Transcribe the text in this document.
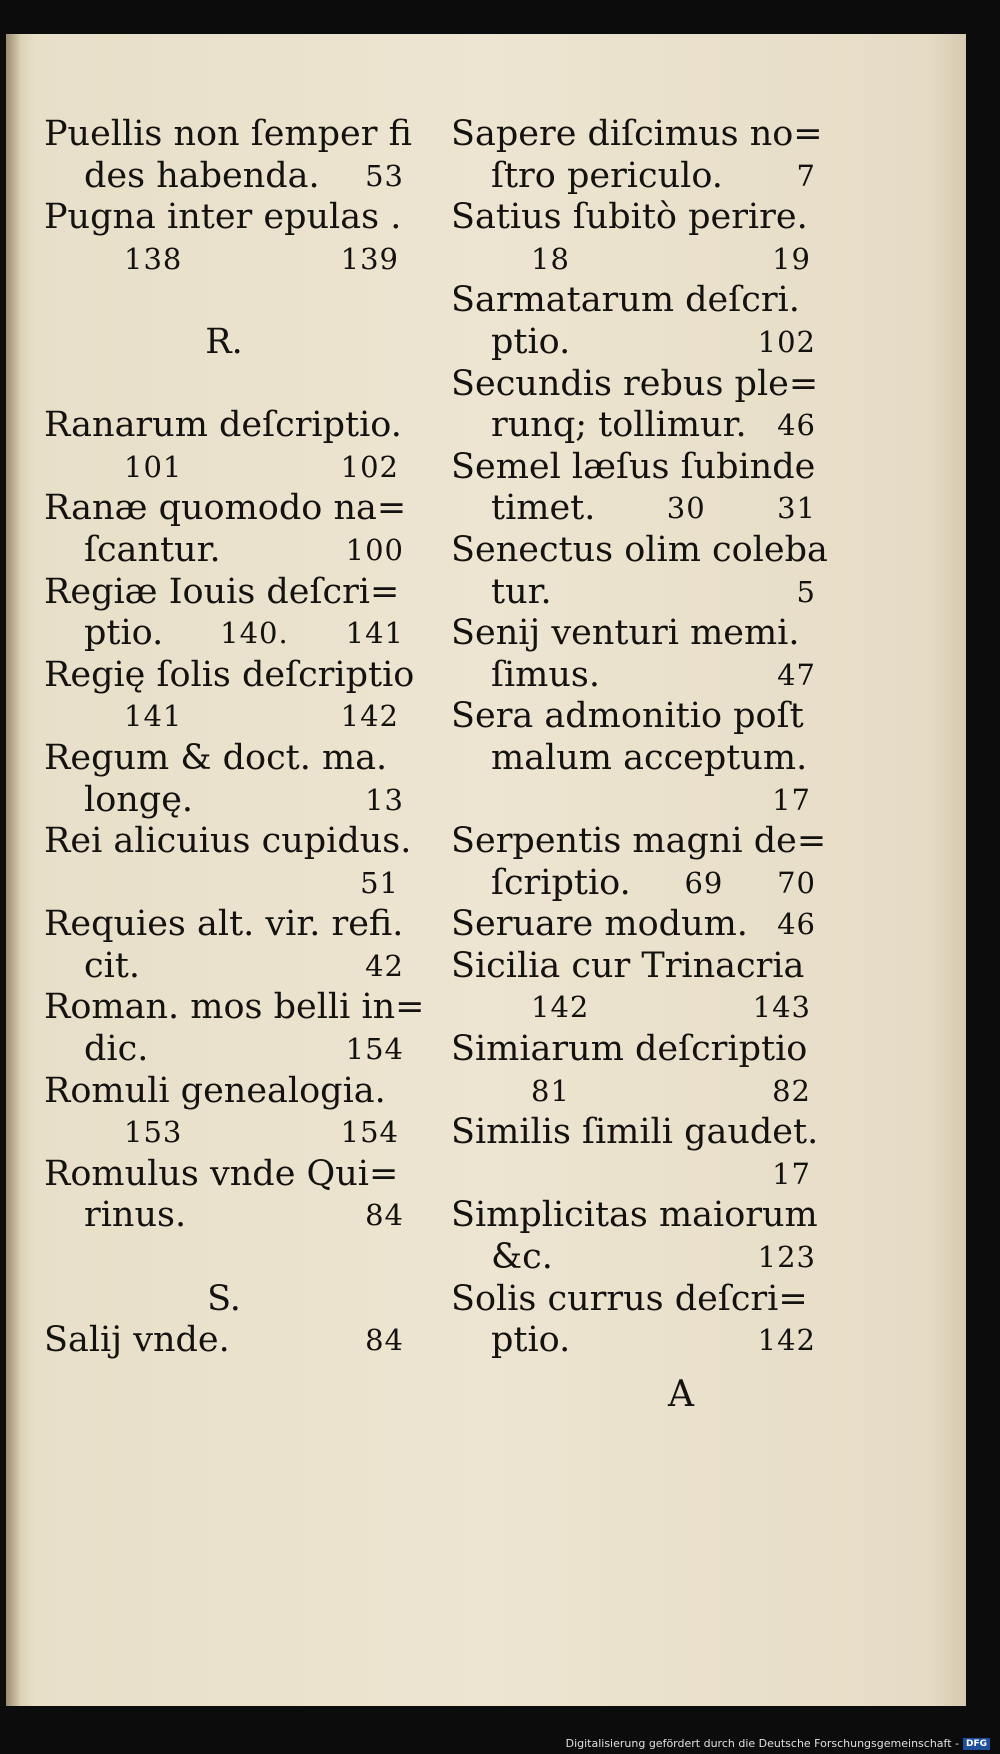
Puellis non ſemper fi
des habenda. 53
Pugna inter epulas .
138	139
R.
Ranarum deſcriptio.
101	102
Ranæ quomodo na=
ſcantur.	100
Regiæ Iouis deſcri=
ptio. 140. 141
Regię ſolis deſcriptio
141	142
Regum & doct. ma.
longę.	13
Rei alicuius cupidus.
51
Requies alt. vir. refi.
cit.	42
Roman. mos belli in=
dic.	154
Romuli genealogia.
153	154
Romulus vnde Qui=
rinus.	84
S.
Salij vnde.	84
Sapere diſcimus no=
ſtro periculo.	7
Satius ſubitò perire.
18	19
Sarmatarum deſcri.
ptio.	102
Secundis rebus ple=
runq; tollimur. 46
Semel læſus ſubinde
timet. 30 31
Senectus olim coleba
tur.	5
Senij venturi memi.
ſimus.	47
Sera admonitio poſt
malum acceptum.
17
Serpentis magni de=
ſcriptio. 69 70
Seruare modum. 46
Sicilia cur Trinacria
142	143
Simiarum deſcriptio
81	82
Similis ſimili gaudet.
17
Simplicitas maiorum
&c.	123
Solis currus deſcri=
ptio.	142
A
Digitalisierung gefördert durch die Deutsche Forschungsgemeinschaft - DFG
